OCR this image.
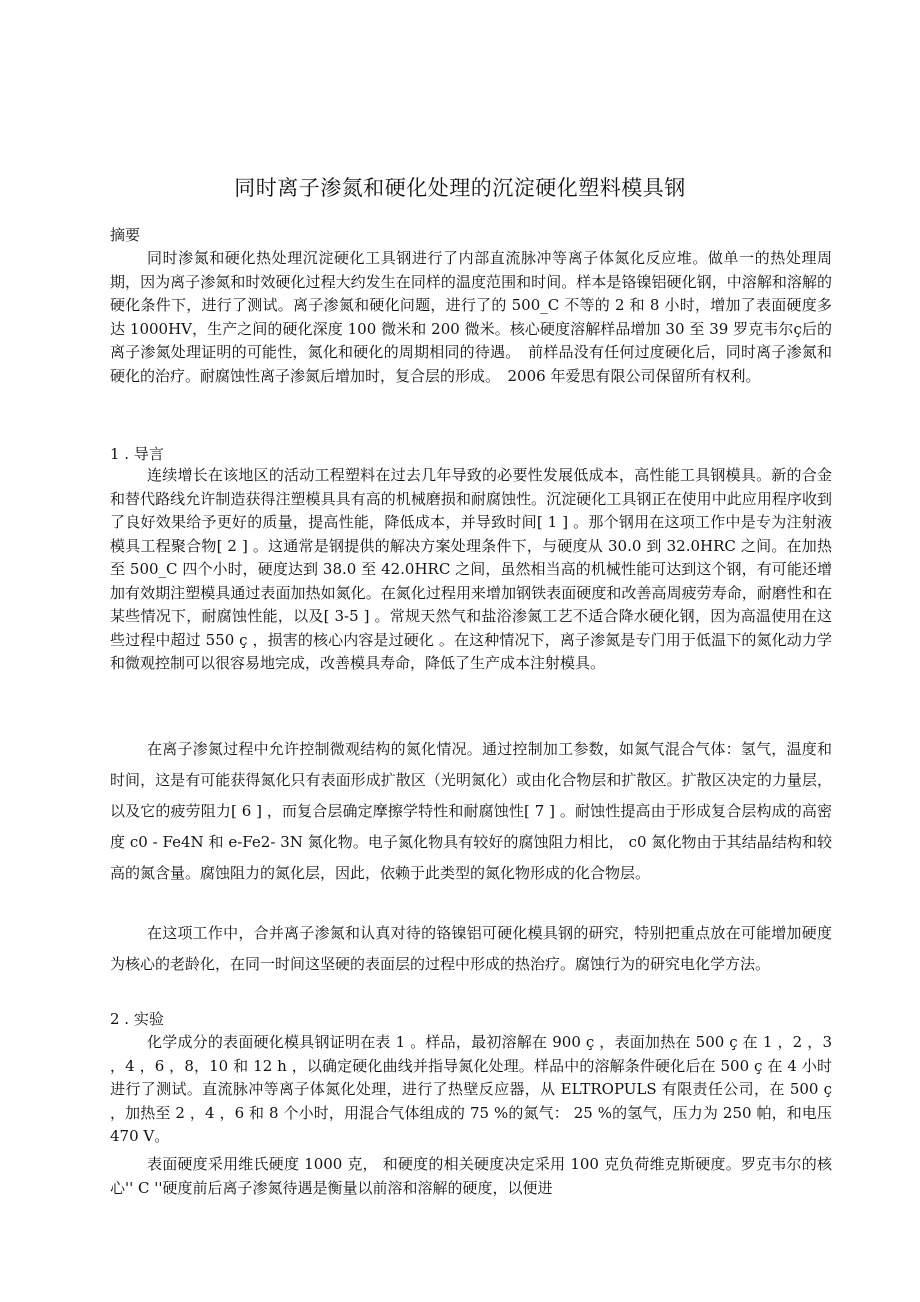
同时离子渗氮和硬化处理的沉淀硬化塑料模具钢
摘要

同时渗氮和硬化热处理沉淀硬化工具钢进行了内部直流脉冲等离子体氮化反应堆。做单一的热处理周期，因为离子渗氮和时效硬化过程大约发生在同样的温度范围和时间。样本是铬镍铝硬化钢，中溶解和溶解的硬化条件下，进行了测试。离子渗氮和硬化问题，进行了的 500_C 不等的 2 和 8 小时，增加了表面硬度多达 1000HV，生产之间的硬化深度 100 微米和 200 微米。核心硬度溶解样品增加 30 至 39 罗克韦尔ç后的离子渗氮处理证明的可能性，氮化和硬化的周期相同的待遇。　前样品没有任何过度硬化后，同时离子渗氮和硬化的治疗。耐腐蚀性离子渗氮后增加时，复合层的形成。　2006 年爱思有限公司保留所有权利。

1 . 导言

连续增长在该地区的活动工程塑料在过去几年导致的必要性发展低成本，高性能工具钢模具。新的合金和替代路线允许制造获得注塑模具具有高的机械磨损和耐腐蚀性。沉淀硬化工具钢正在使用中此应用程序收到了良好效果给予更好的质量，提高性能，降低成本，并导致时间[ 1 ] 。那个钢用在这项工作中是专为注射液模具工程聚合物[ 2 ] 。这通常是钢提供的解决方案处理条件下，与硬度从 30.0 到 32.0HRC 之间。在加热至 500_C 四个小时，硬度达到 38.0 至 42.0HRC 之间，虽然相当高的机械性能可达到这个钢，有可能还增加有效期注塑模具通过表面加热如氮化。在氮化过程用来增加钢铁表面硬度和改善高周疲劳寿命，耐磨性和在某些情况下，耐腐蚀性能，以及[ 3-5 ] 。常规天然气和盐浴渗氮工艺不适合降水硬化钢，因为高温使用在这些过程中超过 550 ç ，损害的核心内容是过硬化 。在这种情况下，离子渗氮是专门用于低温下的氮化动力学和微观控制可以很容易地完成，改善模具寿命，降低了生产成本注射模具。

在离子渗氮过程中允许控制微观结构的氮化情况。通过控制加工参数，如氮气混合气体：氢气，温度和时间，这是有可能获得氮化只有表面形成扩散区（光明氮化）或由化合物层和扩散区。扩散区决定的力量层，以及它的疲劳阻力[ 6 ] ，而复合层确定摩擦学特性和耐腐蚀性[ 7 ] 。耐蚀性提高由于形成复合层构成的高密度 c0 - Fe4N 和 e-Fe2- 3N 氮化物。电子氮化物具有较好的腐蚀阻力相比， c0 氮化物由于其结晶结构和较高的氮含量。腐蚀阻力的氮化层，因此，依赖于此类型的氮化物形成的化合物层。

在这项工作中，合并离子渗氮和认真对待的铬镍铝可硬化模具钢的研究，特别把重点放在可能增加硬度为核心的老龄化，在同一时间这坚硬的表面层的过程中形成的热治疗。腐蚀行为的研究电化学方法。

2 . 实验

化学成分的表面硬化模具钢证明在表 1 。样品，最初溶解在 900 ç ，表面加热在 500 ç 在 1 ，2 ，3 ，4 ，6 ，8，10 和 12 h ，以确定硬化曲线并指导氮化处理。样品中的溶解条件硬化后在 500 ç 在 4 小时进行了测试。直流脉冲等离子体氮化处理，进行了热壁反应器，从 ELTROPULS 有限责任公司，在 500 ç ，加热至 2 ，4 ，6 和 8 个小时，用混合气体组成的 75 %的氮气： 25 %的氢气，压力为 250 帕，和电压 470 V。

表面硬度采用维氏硬度 1000 克， 和硬度的相关硬度决定采用 100 克负荷维克斯硬度。罗克韦尔的核心'' C ''硬度前后离子渗氮待遇是衡量以前溶和溶解的硬度，以便进
